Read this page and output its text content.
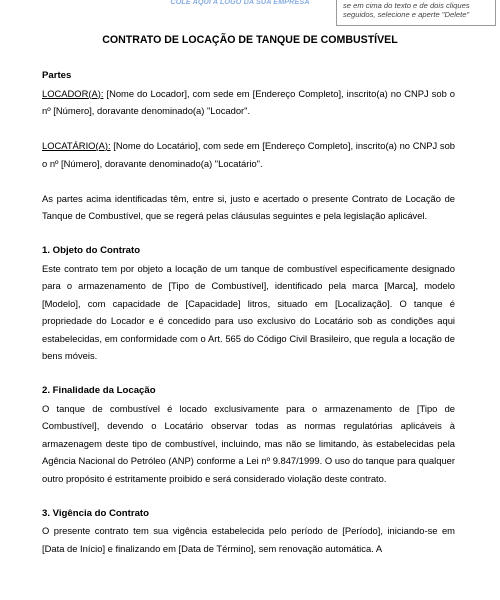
COLE AQUI A LOGO DA SUA EMPRESA	se em cima do texto e de dois cliques seguidos, selecione e aperte "Delete"
CONTRATO DE LOCAÇÃO DE TANQUE DE COMBUSTÍVEL

Partes

LOCADOR(A): [Nome do Locador], com sede em [Endereço Completo], inscrito(a) no CNPJ sob o nº [Número], doravante denominado(a) "Locador".

LOCATÁRIO(A): [Nome do Locatário], com sede em [Endereço Completo], inscrito(a) no CNPJ sob o nº [Número], doravante denominado(a) "Locatário".

As partes acima identificadas têm, entre si, justo e acertado o presente Contrato de Locação de Tanque de Combustível, que se regerá pelas cláusulas seguintes e pela legislação aplicável.

1. Objeto do Contrato

Este contrato tem por objeto a locação de um tanque de combustível especificamente designado para o armazenamento de [Tipo de Combustível], identificado pela marca [Marca], modelo [Modelo], com capacidade de [Capacidade] litros, situado em [Localização]. O tanque é propriedade do Locador e é concedido para uso exclusivo do Locatário sob as condições aqui estabelecidas, em conformidade com o Art. 565 do Código Civil Brasileiro, que regula a locação de bens móveis.

2. Finalidade da Locação

O tanque de combustível é locado exclusivamente para o armazenamento de [Tipo de Combustível], devendo o Locatário observar todas as normas regulatórias aplicáveis à armazenagem deste tipo de combustível, incluindo, mas não se limitando, às estabelecidas pela Agência Nacional do Petróleo (ANP) conforme a Lei nº 9.847/1999. O uso do tanque para qualquer outro propósito é estritamente proibido e será considerado violação deste contrato.

3. Vigência do Contrato

O presente contrato tem sua vigência estabelecida pelo período de [Período], iniciando-se em [Data de Início] e finalizando em [Data de Término], sem renovação automática. A
